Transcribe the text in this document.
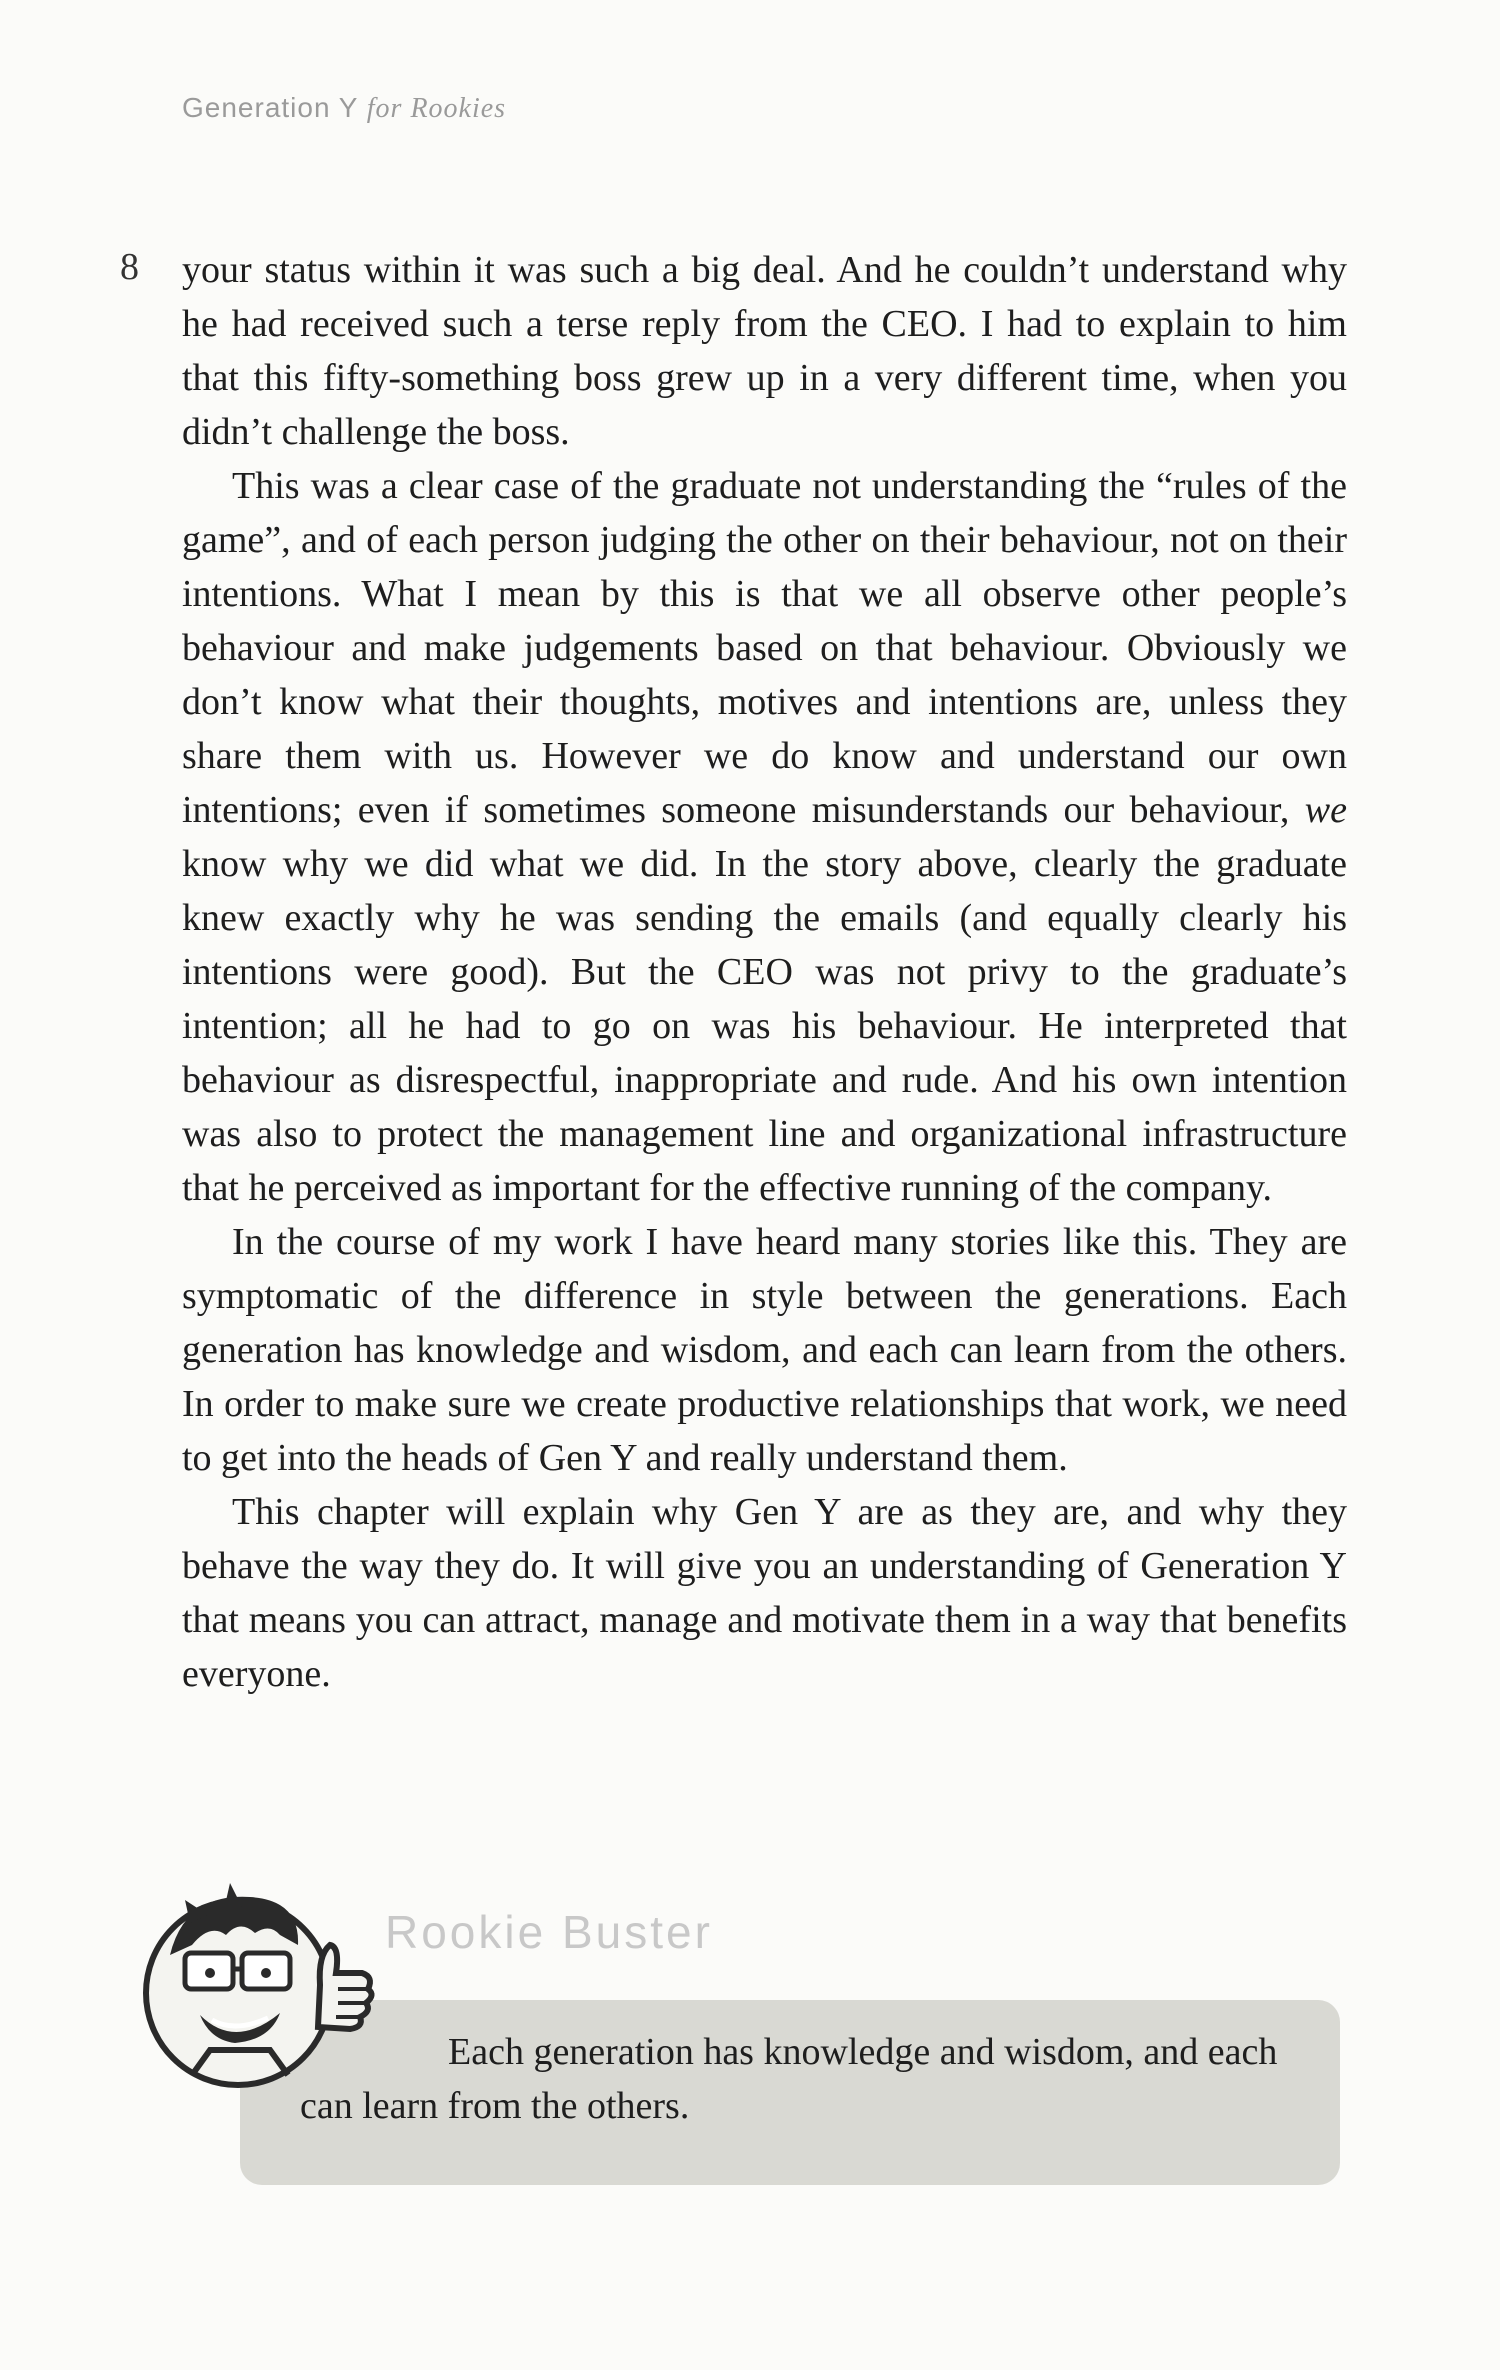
Generation Y for Rookies
8 your status within it was such a big deal. And he couldn’t understand why he had received such a terse reply from the CEO. I had to explain to him that this fifty-something boss grew up in a very different time, when you didn’t challenge the boss.

This was a clear case of the graduate not understanding the “rules of the game”, and of each person judging the other on their behaviour, not on their intentions. What I mean by this is that we all observe other people’s behaviour and make judgements based on that behaviour. Obviously we don’t know what their thoughts, motives and intentions are, unless they share them with us. However we do know and understand our own intentions; even if sometimes someone misunderstands our behaviour, we know why we did what we did. In the story above, clearly the graduate knew exactly why he was sending the emails (and equally clearly his intentions were good). But the CEO was not privy to the graduate’s intention; all he had to go on was his behaviour. He interpreted that behaviour as disrespectful, inappropriate and rude. And his own intention was also to protect the management line and organizational infrastructure that he perceived as important for the effective running of the company.

In the course of my work I have heard many stories like this. They are symptomatic of the difference in style between the generations. Each generation has knowledge and wisdom, and each can learn from the others. In order to make sure we create productive relationships that work, we need to get into the heads of Gen Y and really understand them.

This chapter will explain why Gen Y are as they are, and why they behave the way they do. It will give you an understanding of Generation Y that means you can attract, manage and motivate them in a way that benefits everyone.

Rookie Buster

Each generation has knowledge and wisdom, and each can learn from the others.
